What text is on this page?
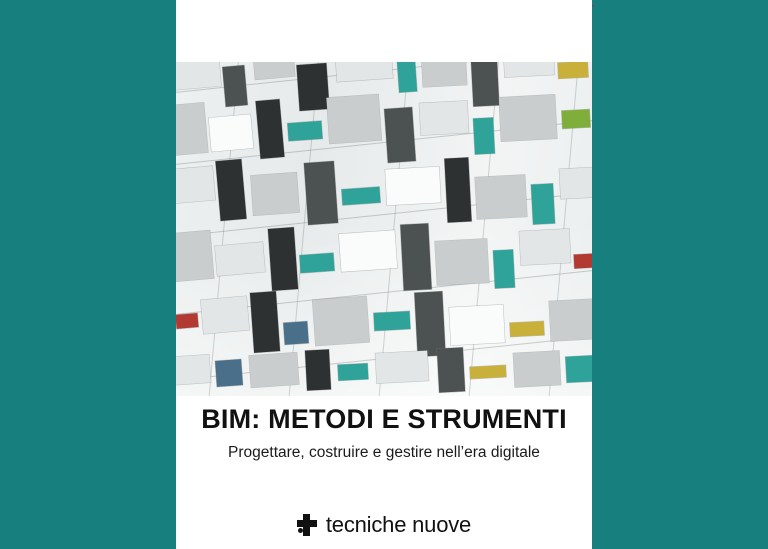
BIM: METODI E STRUMENTI
Progettare, costruire e gestire nell’era digitale
tecniche nuove
